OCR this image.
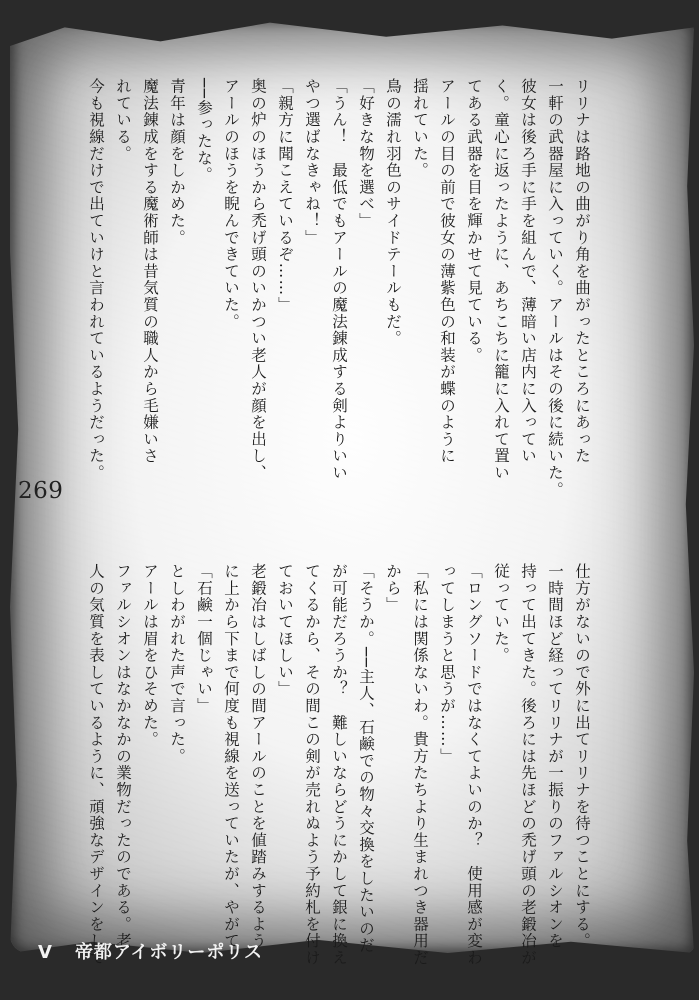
リリナは路地の曲がり角を曲がったところにあった
一軒の武器屋に入っていく。アールはその後に続いた。
彼女は後ろ手に手を組んで、薄暗い店内に入ってい
く。童心に返ったように、あちこちに籠に入れて置い
てある武器を目を輝かせて見ている。
アールの目の前で彼女の薄紫色の和装が蝶のように
揺れていた。
鳥の濡れ羽色のサイドテールもだ。
「好きな物を選べ」
「うん！　最低でもアールの魔法錬成する剣よりいい
やつ選ばなきゃね！」
「親方に聞こえているぞ……」
奥の炉のほうから禿げ頭のいかつい老人が顔を出し、
アールのほうを睨んできていた。
──参ったな。
青年は顔をしかめた。
魔法錬成をする魔術師は昔気質の職人から毛嫌いさ
れている。
今も視線だけで出ていけと言われているようだった。
仕方がないので外に出てリリナを待つことにする。
一時間ほど経ってリリナが一振りのファルシオンを
持って出てきた。後ろには先ほどの禿げ頭の老鍛冶が
従っていた。
「ロングソードではなくてよいのか？　使用感が変わ
ってしまうと思うが……」
「私には関係ないわ。貴方たちより生まれつき器用だ
から」
「そうか。──主人、石鹸での物々交換をしたいのだ
が可能だろうか？　難しいならどうにかして銀に換え
てくるから、その間この剣が売れぬよう予約札を付け
ておいてほしい」
老鍛冶はしばしの間アールのことを値踏みするよう
に上から下まで何度も視線を送っていたが、やがて、
「石鹸一個じゃい」
としわがれた声で言った。
アールは眉をひそめた。
ファルシオンはなかなかの業物だったのである。老
人の気質を表しているように、頑強なデザインをして
269
V 帝都アイボリーポリス
